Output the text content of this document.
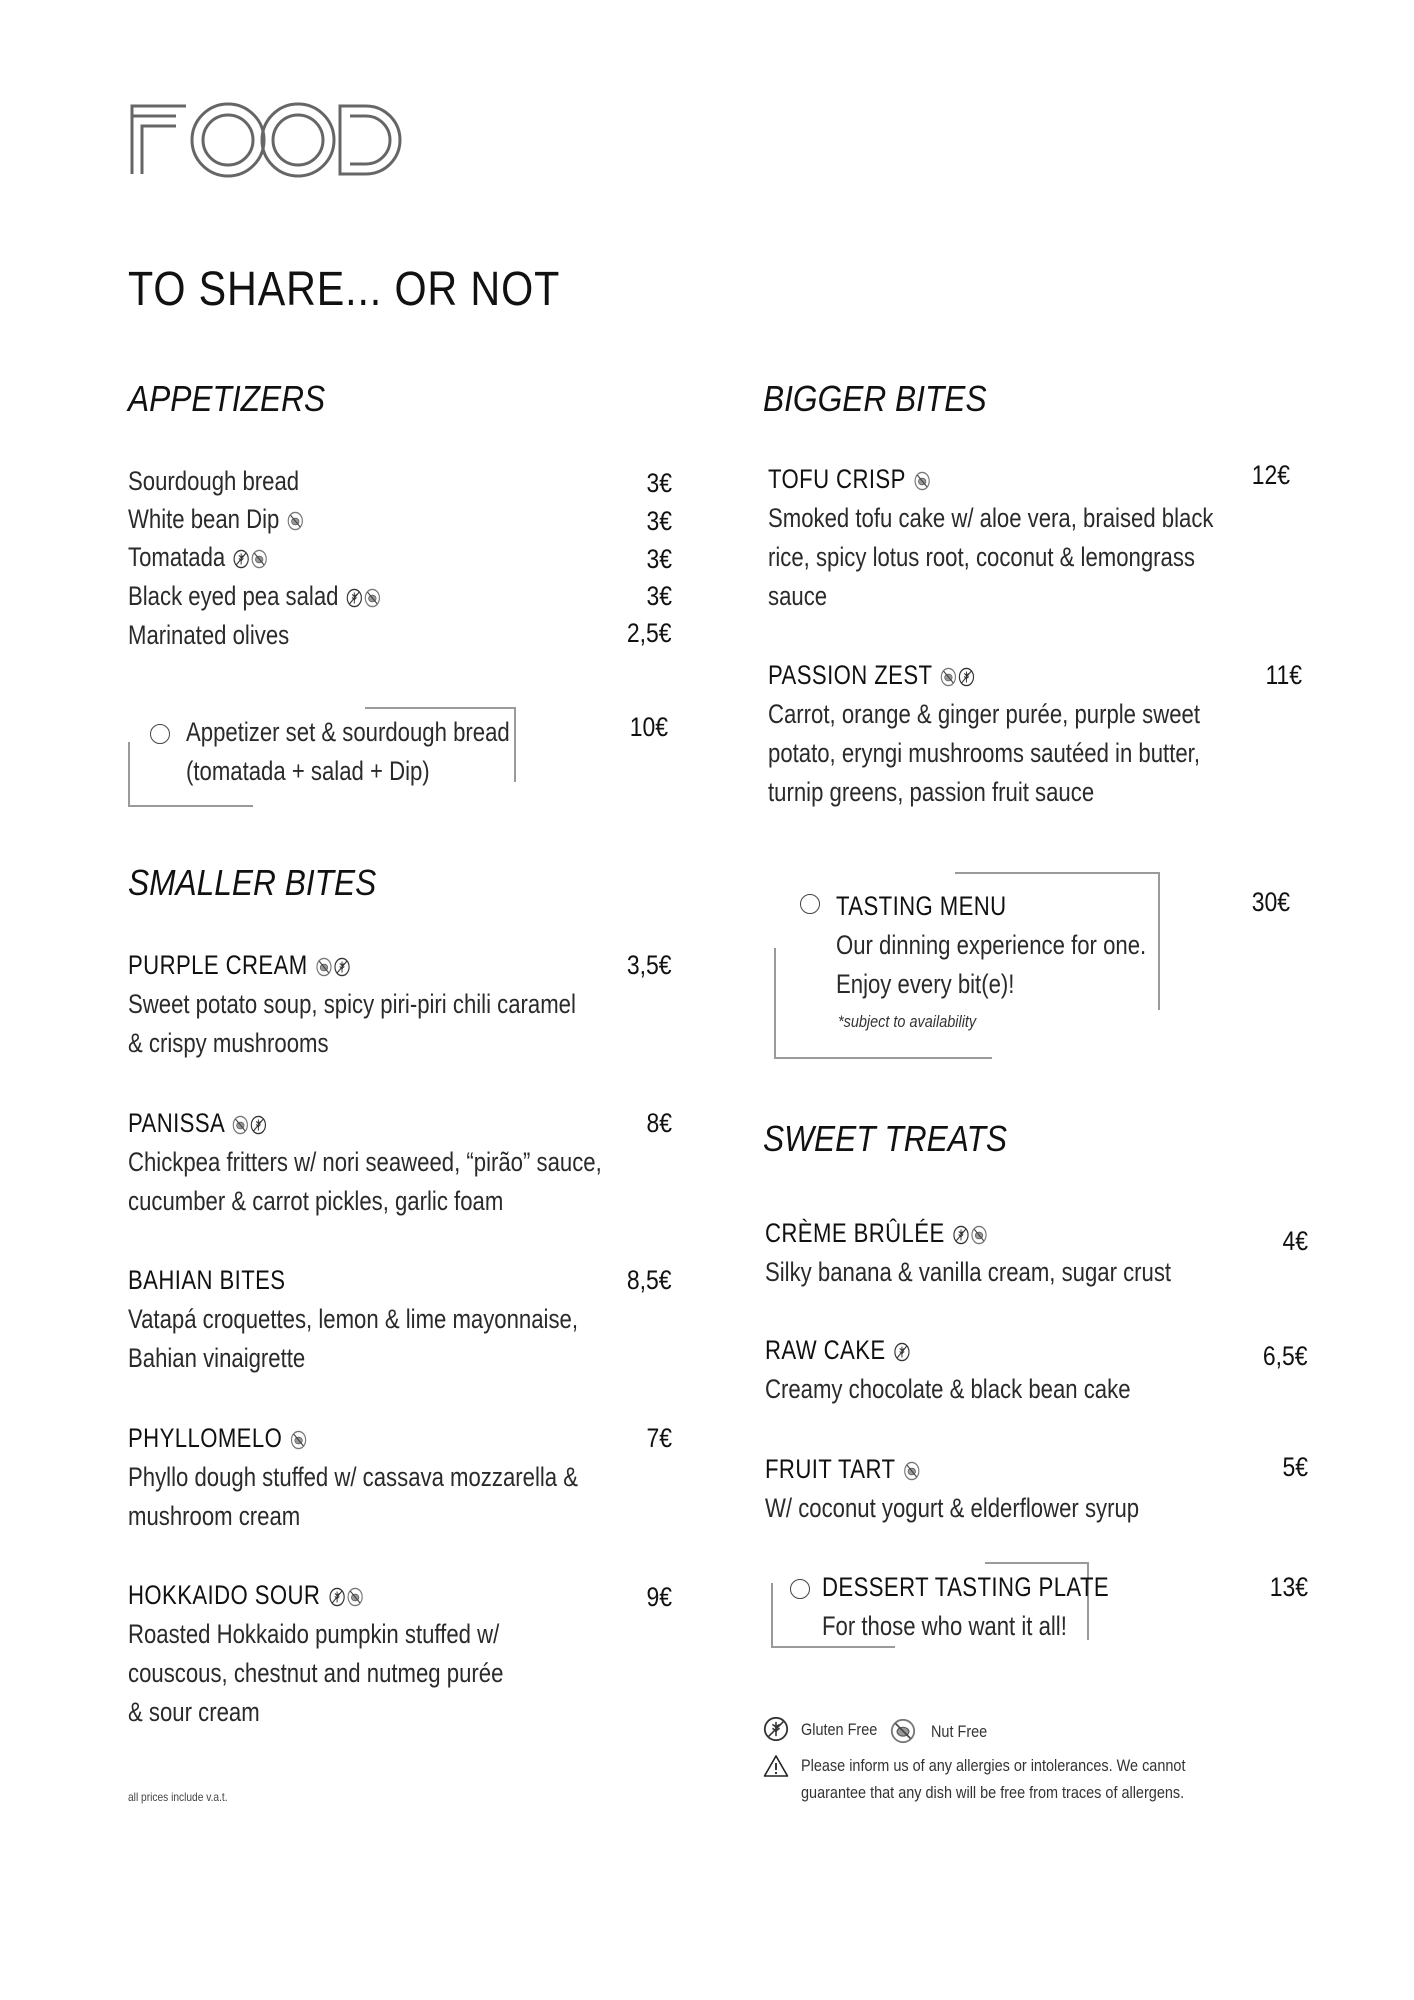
TO SHARE... OR NOT
APPETIZERS
Sourdough bread	3€
White bean Dip	3€
Tomatada	3€
Black eyed pea salad	3€
Marinated olives	2,5€
Appetizer set & sourdough bread
(tomatada + salad + Dip)
10€
SMALLER BITES
PURPLE CREAM	3,5€
Sweet potato soup, spicy piri-piri chili caramel
& crispy mushrooms
PANISSA	8€
Chickpea fritters w/ nori seaweed, “pirão” sauce,
cucumber & carrot pickles, garlic foam
BAHIAN BITES	8,5€
Vatapá croquettes, lemon & lime mayonnaise,
Bahian vinaigrette
PHYLLOMELO	7€
Phyllo dough stuffed w/ cassava mozzarella &
mushroom cream
HOKKAIDO SOUR	9€
Roasted Hokkaido pumpkin stuffed w/
couscous, chestnut and nutmeg purée
& sour cream
all prices include v.a.t.
BIGGER BITES
TOFU CRISP	12€
Smoked tofu cake w/ aloe vera, braised black
rice, spicy lotus root, coconut & lemongrass
sauce
PASSION ZEST	11€
Carrot, orange & ginger purée, purple sweet
potato, eryngi mushrooms sautéed in butter,
turnip greens, passion fruit sauce
TASTING MENU
Our dinning experience for one.
Enjoy every bit(e)!
*subject to availability
30€
SWEET TREATS
CRÈME BRÛLÉE	4€
Silky banana & vanilla cream, sugar crust
RAW CAKE	6,5€
Creamy chocolate & black bean cake
FRUIT TART	5€
W/ coconut yogurt & elderflower syrup
DESSERT TASTING PLATE
For those who want it all!
13€
Gluten Free	Nut Free
Please inform us of any allergies or intolerances. We cannot
guarantee that any dish will be free from traces of allergens.
